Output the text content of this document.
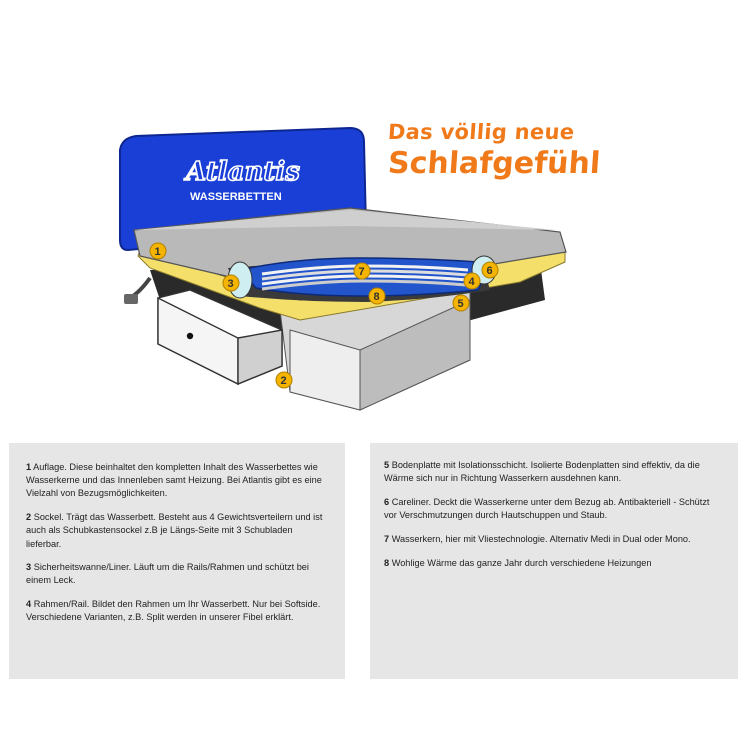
Atlantis
WASSERBETTEN
1
2
3	4
5
6
7
8
Das völlig neue
Schlafgefühl
1 Auflage. Diese beinhaltet den kompletten Inhalt des Wasserbettes wie Wasserkerne und das Innenleben samt Heizung. Bei Atlantis gibt es eine Vielzahl von Bezugsmöglichkeiten.
2 Sockel. Trägt das Wasserbett. Besteht aus 4 Gewichtsverteilern und ist auch als Schubkastensockel z.B je Längs-Seite mit 3 Schubladen lieferbar.
3 Sicherheitswanne/Liner. Läuft um die Rails/Rahmen und schützt bei einem Leck.
4 Rahmen/Rail. Bildet den Rahmen um Ihr Wasserbett. Nur bei Softside. Verschiedene Varianten, z.B. Split werden in unserer Fibel erklärt.
5 Bodenplatte mit Isolationsschicht. Isolierte Bodenplatten sind effektiv, da die Wärme sich nur in Richtung Wasserkern ausdehnen kann.
6 Careliner. Deckt die Wasserkerne unter dem Bezug ab. Antibakteriell - Schützt vor Verschmutzungen durch Hautschuppen und Staub.
7 Wasserkern, hier mit Vliestechnologie. Alternativ Medi in Dual oder Mono.
8 Wohlige Wärme das ganze Jahr durch verschiedene Heizungen
